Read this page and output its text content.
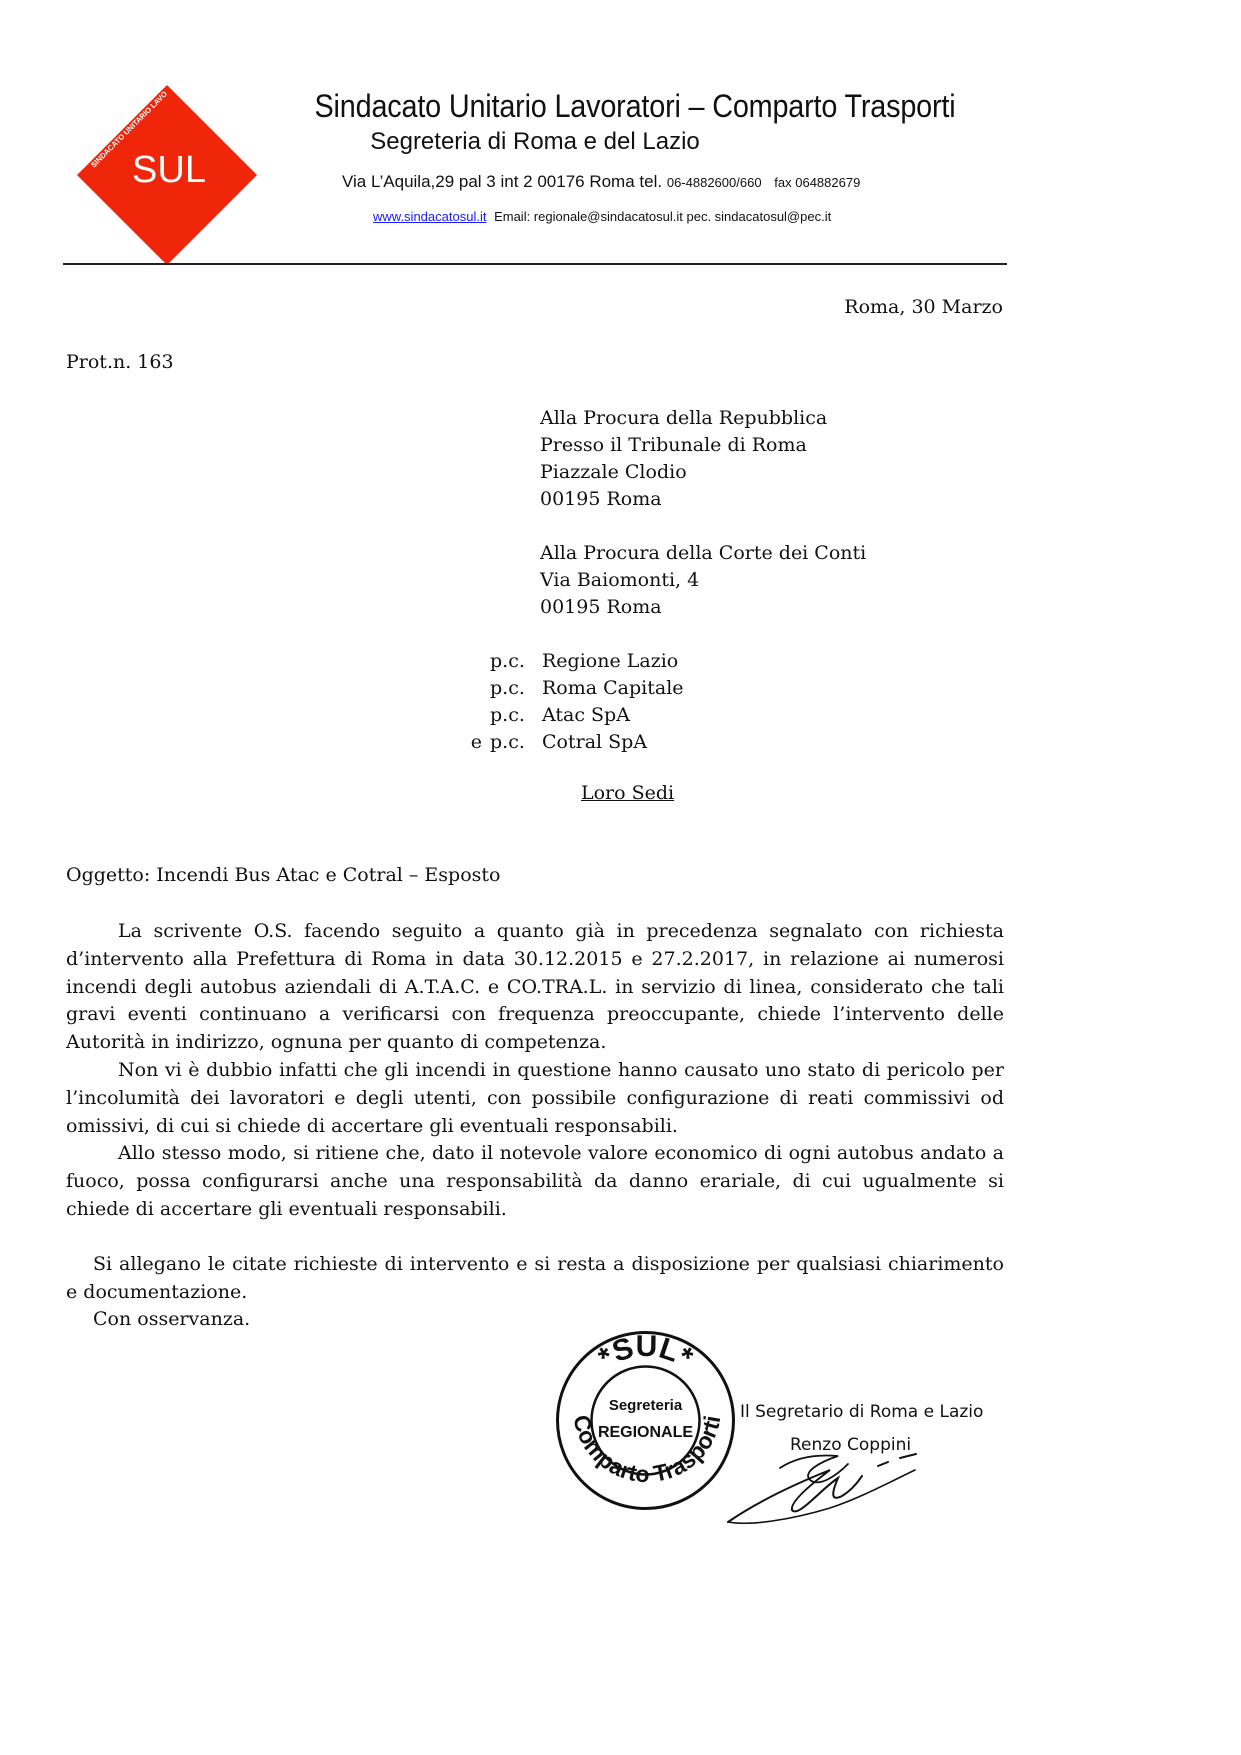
SINDACATO UNITARIO LAVO
SUL
Sindacato Unitario Lavoratori – Comparto Trasporti
Segreteria di Roma e del Lazio
Via L’Aquila,29 pal 3 int 2 00176 Roma tel. 06-4882600/660 fax 064882679
www.sindacatosul.it Email: regionale@sindacatosul.it pec. sindacatosul@pec.it
Roma, 30 Marzo
Prot.n. 163
Alla Procura della Repubblica
Presso il Tribunale di Roma
Piazzale Clodio
00195 Roma
Alla Procura della Corte dei Conti
Via Baiomonti, 4
00195 Roma
p.c. Regione Lazio
p.c. Roma Capitale
p.c. Atac SpA
e p.c. Cotral SpA
Loro Sedi
Oggetto: Incendi Bus Atac e Cotral – Esposto

La scrivente O.S. facendo seguito a quanto già in precedenza segnalato con richiesta d’intervento alla Prefettura di Roma in data 30.12.2015 e 27.2.2017, in relazione ai numerosi incendi degli autobus aziendali di A.T.A.C. e CO.TRA.L. in servizio di linea, considerato che tali gravi eventi continuano a verificarsi con frequenza preoccupante, chiede l’intervento delle Autorità in indirizzo, ognuna per quanto di competenza.

Non vi è dubbio infatti che gli incendi in questione hanno causato uno stato di pericolo per l’incolumità dei lavoratori e degli utenti, con possibile configurazione di reati commissivi od omissivi, di cui si chiede di accertare gli eventuali responsabili.

Allo stesso modo, si ritiene che, dato il notevole valore economico di ogni autobus andato a fuoco, possa configurarsi anche una responsabilità da danno erariale, di cui ugualmente si chiede di accertare gli eventuali responsabili.

Si allegano le citate richieste di intervento e si resta a disposizione per qualsiasi chiarimento e documentazione.

Con osservanza.

*SUL*
Comparto Trasporti
Segreteria
REGIONALE
Il Segretario di Roma e Lazio
Renzo Coppini
